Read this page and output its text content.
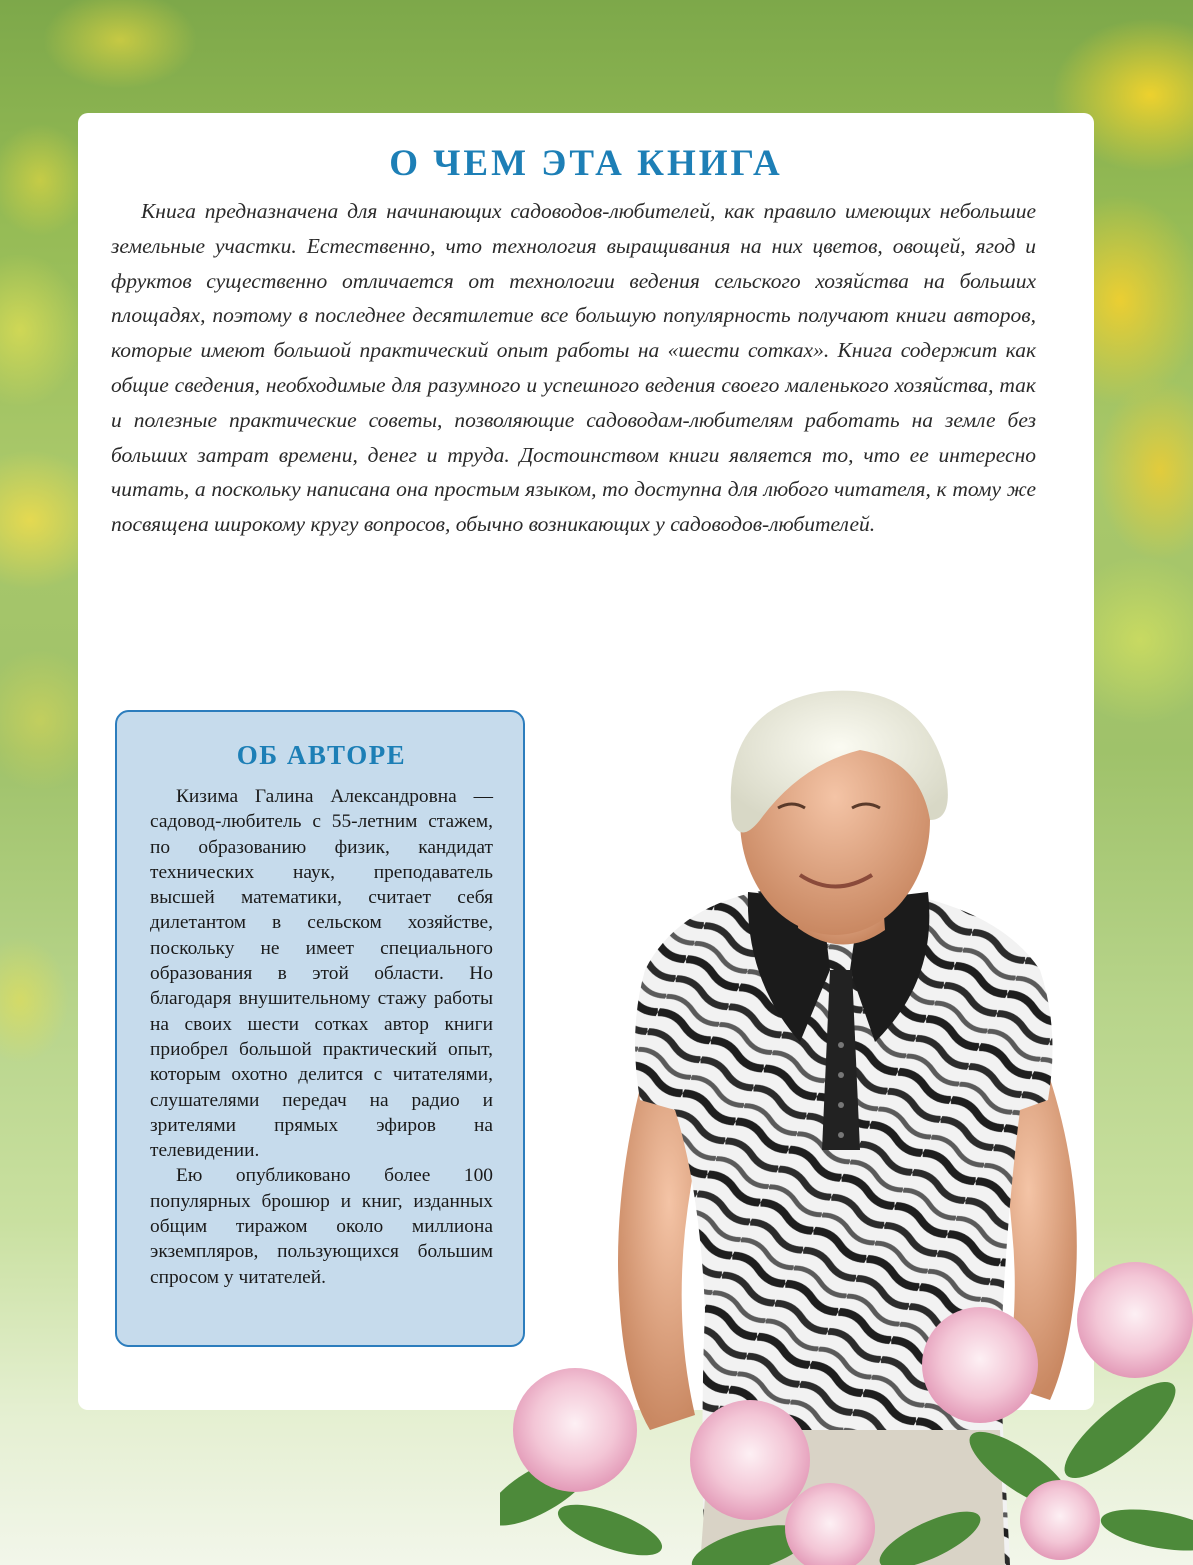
О ЧЕМ ЭТА КНИГА

Книга предназначена для начинающих садоводов-любителей, как правило имеющих небольшие земельные участки. Естественно, что технология выращивания на них цветов, овощей, ягод и фруктов существенно отличается от технологии ведения сельского хозяйства на больших площадях, поэтому в последнее десятилетие все большую популярность получают книги авторов, которые имеют большой практический опыт работы на «шести сотках». Книга содержит как общие сведения, необходимые для разумного и успешного ведения своего маленького хозяйства, так и полезные практические советы, позволяющие садоводам-любителям работать на земле без больших затрат времени, денег и труда. Достоинством книги является то, что ее интересно читать, а поскольку написана она простым языком, то доступна для любого читателя, к тому же посвящена широкому кругу вопросов, обычно возникающих у садоводов-любителей.

ОБ АВТОРЕ

Кизима Галина Александровна — садовод-любитель с 55-летним стажем, по образованию физик, кандидат технических наук, преподаватель высшей математики, считает себя дилетантом в сельском хозяйстве, поскольку не имеет специального образования в этой области. Но благодаря внушительному стажу работы на своих шести сотках автор книги приобрел большой практический опыт, которым охотно делится с читателями, слушателями передач на радио и зрителями прямых эфиров на телевидении.

Ею опубликовано более 100 популярных брошюр и книг, изданных общим тиражом около миллиона экземпляров, пользующихся большим спросом у читателей.
